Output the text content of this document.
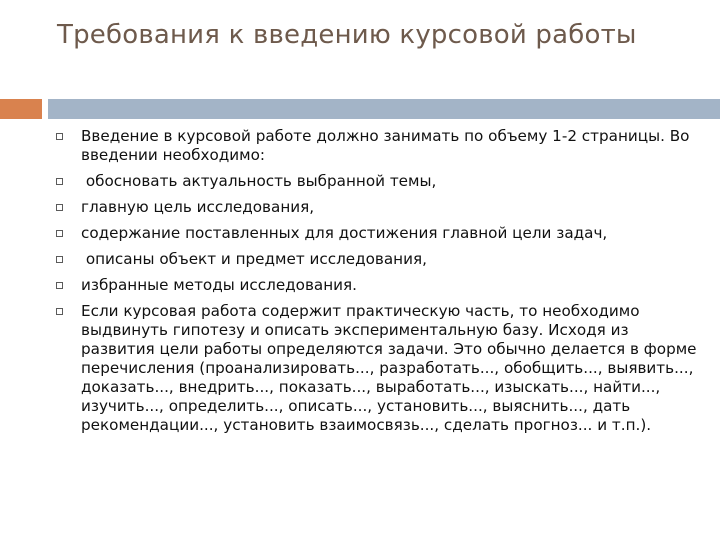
Требования к введению курсовой работы
Введение в курсовой работе должно занимать по объему 1-2 страницы. Во введении необходимо:
обосновать актуальность выбранной темы,
главную цель исследования,
содержание поставленных для достижения главной цели задач,
описаны объект и предмет исследования,
избранные методы исследования.
Если курсовая работа содержит практическую часть, то необходимо выдвинуть гипотезу и описать экспериментальную базу. Исходя из развития цели работы определяются задачи. Это обычно делается в форме перечисления (проанализировать..., разработать..., обобщить..., выявить..., доказать..., внедрить..., показать..., выработать..., изыскать..., найти..., изучить..., определить..., описать..., установить..., выяснить..., дать рекомендации..., установить взаимосвязь..., сделать прогноз... и т.п.).
